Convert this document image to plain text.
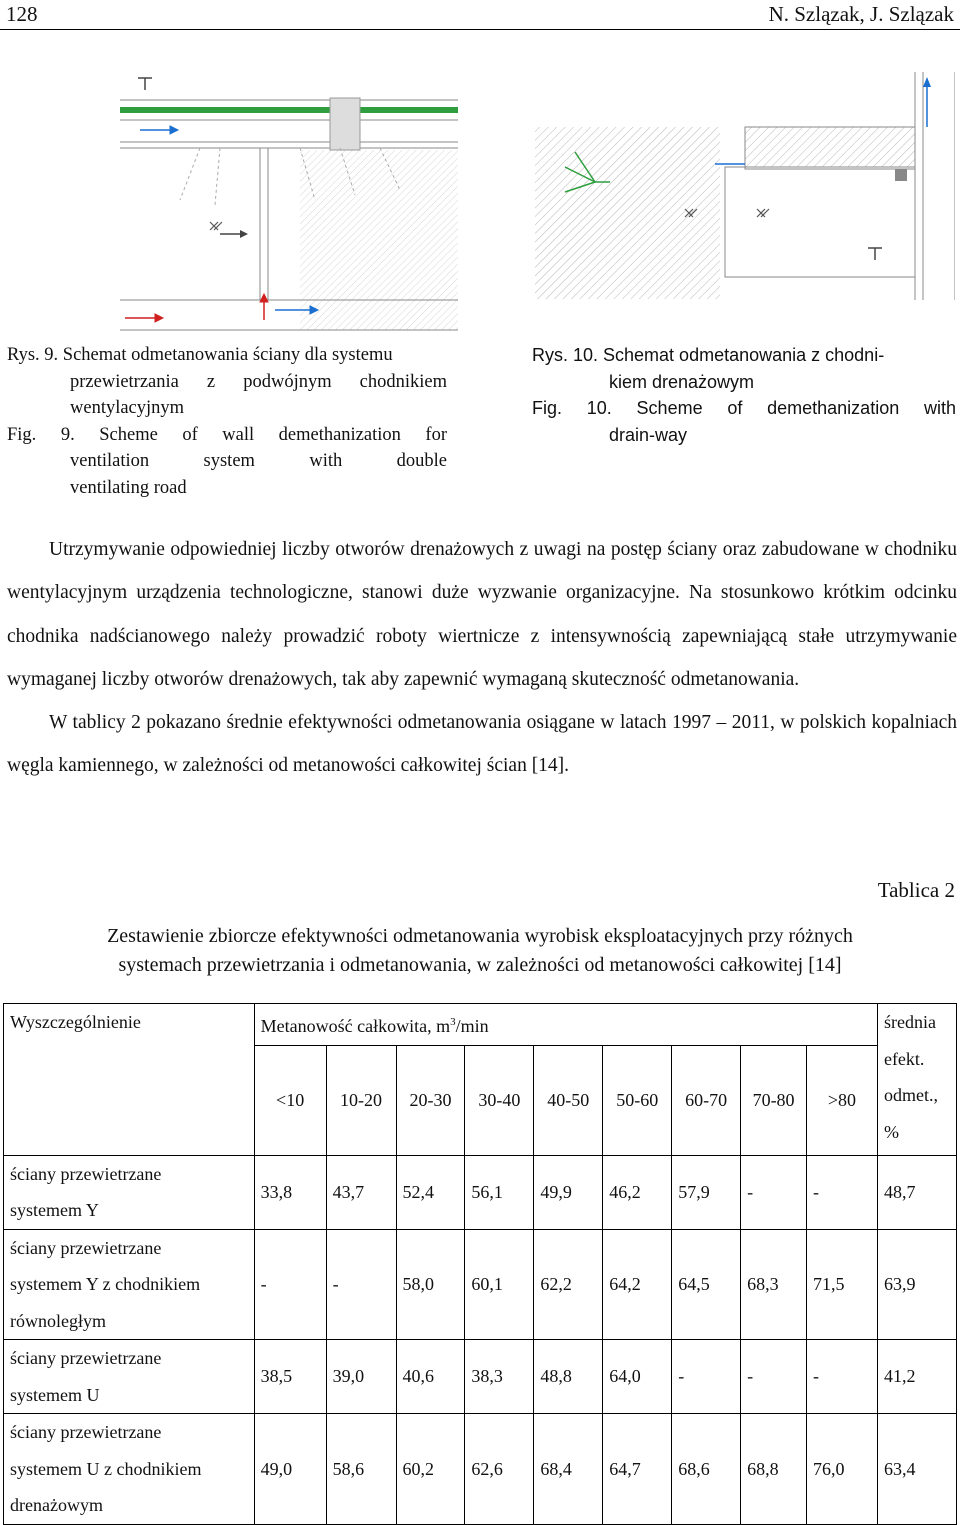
128	N. Szlązak, J. Szlązak
Rys. 9. Schemat odmetanowania ściany dla systemu
przewietrzania z podwójnym chodnikiem
wentylacyjnym
Fig. 9. Scheme of wall demethanization for
ventilation system with double
ventilating road
Rys. 10. Schemat odmetanowania z chodni-
kiem drenażowym
Fig. 10. Scheme of demethanization with
drain-way

Utrzymywanie odpowiedniej liczby otworów drenażowych z uwagi na postęp ściany oraz zabudowane w chodniku wentylacyjnym urządzenia technologiczne, stanowi duże wyzwanie organizacyjne. Na stosunkowo krótkim odcinku chodnika nadścianowego należy prowadzić roboty wiertnicze z intensywnością zapewniającą stałe utrzymywanie wymaganej liczby otworów drenażowych, tak aby zapewnić wymaganą skuteczność odmetanowania.

W tablicy 2 pokazano średnie efektywności odmetanowania osiągane w latach 1997 – 2011, w polskich kopalniach węgla kamiennego, w zależności od metanowości całkowitej ścian [14].

Tablica 2
Zestawienie zbiorcze efektywności odmetanowania wyrobisk eksploatacyjnych przy różnych
systemach przewietrzania i odmetanowania, w zależności od metanowości całkowitej [14]
Wyszczególnienie	Metanowość całkowita, $m^3/\min$									średnia
efekt.
odmet.,
%

	<10	10-20	20-30	30-40	40-50	50-60	60-70	70-80	>80	

ściany przewietrzane
systemem Y	33,8	43,7	52,4	56,1	49,9	46,2	57,9	-	-	48,7

ściany przewietrzane
systemem Y z chodnikiem
równoległym	-	-	58,0	60,1	62,2	64,2	64,5	68,3	71,5	63,9

ściany przewietrzane
systemem U	38,5	39,0	40,6	38,3	48,8	64,0	-	-	-	41,2

ściany przewietrzane
systemem U z chodnikiem
drenażowym	49,0	58,6	60,2	62,6	68,4	64,7	68,6	68,8	76,0	63,4
